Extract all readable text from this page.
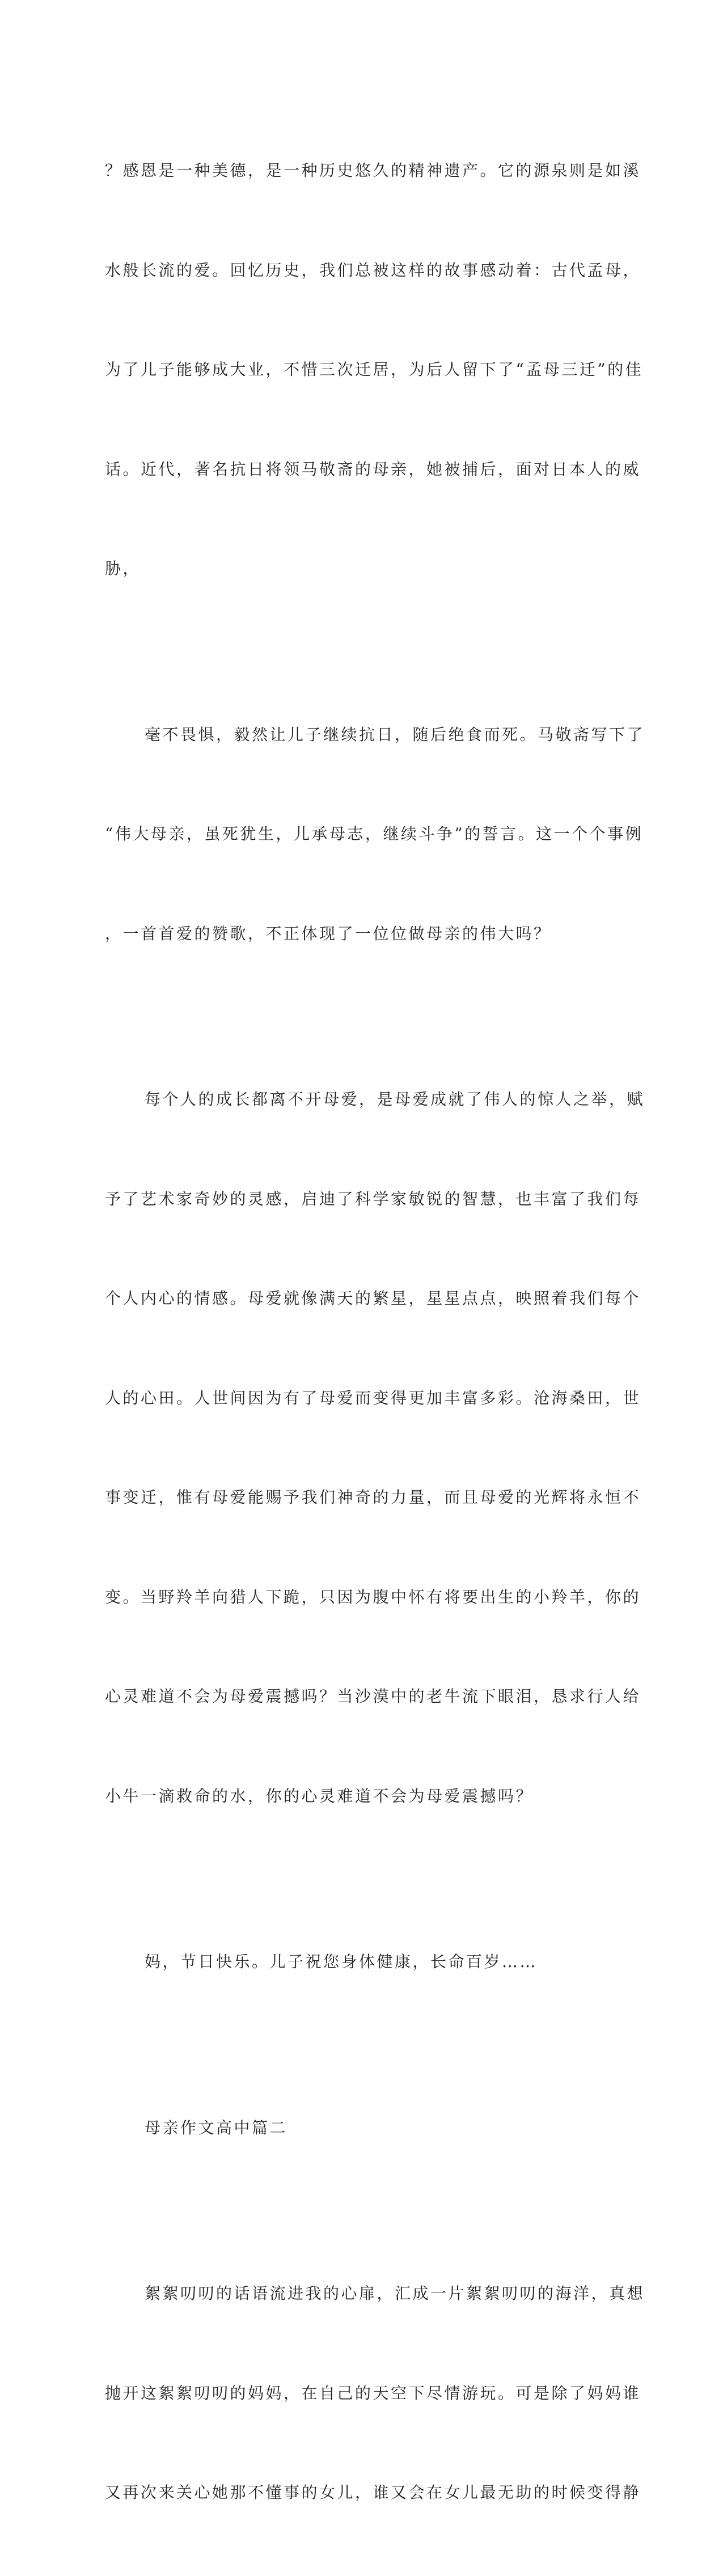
？感恩是一种美德，是一种历史悠久的精神遗产。它的源泉则是如溪

水般长流的爱。回忆历史，我们总被这样的故事感动着：古代孟母，

为了儿子能够成大业，不惜三次迁居，为后人留下了“孟母三迁”的佳

话。近代，著名抗日将领马敬斋的母亲，她被捕后，面对日本人的威

胁，

毫不畏惧，毅然让儿子继续抗日，随后绝食而死。马敬斋写下了

“伟大母亲，虽死犹生，儿承母志，继续斗争”的誓言。这一个个事例

，一首首爱的赞歌，不正体现了一位位做母亲的伟大吗？

每个人的成长都离不开母爱，是母爱成就了伟人的惊人之举，赋

予了艺术家奇妙的灵感，启迪了科学家敏锐的智慧，也丰富了我们每

个人内心的情感。母爱就像满天的繁星，星星点点，映照着我们每个

人的心田。人世间因为有了母爱而变得更加丰富多彩。沧海桑田，世

事变迁，惟有母爱能赐予我们神奇的力量，而且母爱的光辉将永恒不

变。当野羚羊向猎人下跪，只因为腹中怀有将要出生的小羚羊，你的

心灵难道不会为母爱震撼吗？当沙漠中的老牛流下眼泪，恳求行人给

小牛一滴救命的水，你的心灵难道不会为母爱震撼吗？

妈，节日快乐。儿子祝您身体健康，长命百岁……

母亲作文高中篇二

絮絮叨叨的话语流进我的心扉，汇成一片絮絮叨叨的海洋，真想

抛开这絮絮叨叨的妈妈，在自己的天空下尽情游玩。可是除了妈妈谁

又再次来关心她那不懂事的女儿，谁又会在女儿最无助的时候变得静
